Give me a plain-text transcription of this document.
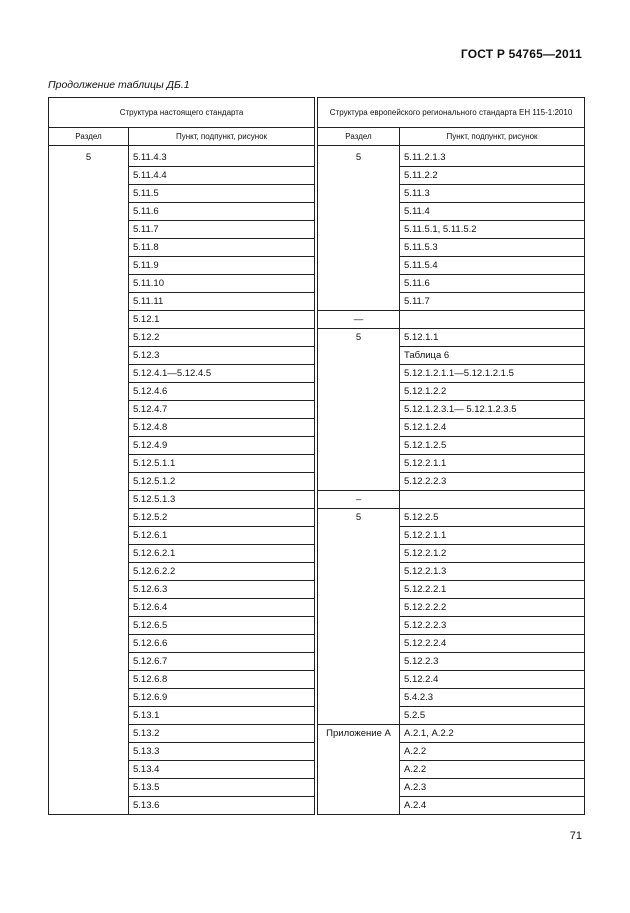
ГОСТ Р 54765—2011
Продолжение таблицы ДБ.1
Структура настоящего стандарта			Структура европейского регионального стандарта ЕН 115-1:2010	
Раздел	Пункт, подпункт, рисунок		Раздел	Пункт, подпункт, рисунок

5	5.11.4.3		5	5.11.2.1.3
	5.11.4.4			5.11.2.2
	5.11.5			5.11.3
	5.11.6			5.11.4
	5.11.7			5.11.5.1, 5.11.5.2
	5.11.8			5.11.5.3
	5.11.9			5.11.5.4
	5.11.10			5.11.6
	5.11.11			5.11.7
	5.12.1		—	
	5.12.2		5	5.12.1.1
	5.12.3			Таблица 6
	5.12.4.1—5.12.4.5			5.12.1.2.1.1—5.12.1.2.1.5
	5.12.4.6			5.12.1.2.2
	5.12.4.7			5.12.1.2.3.1— 5.12.1.2.3.5
	5.12.4.8			5.12.1.2.4
	5.12.4.9			5.12.1.2.5
	5.12.5.1.1			5.12.2.1.1
	5.12.5.1.2			5.12.2.2.3
	5.12.5.1.3		–	
	5.12.5.2		5	5.12.2.5
	5.12.6.1			5.12.2.1.1
	5.12.6.2.1			5.12.2.1.2
	5.12.6.2.2			5.12.2.1.3
	5.12.6.3			5.12.2.2.1
	5.12.6.4			5.12.2.2.2
	5.12.6.5			5.12.2.2.3
	5.12.6.6			5.12.2.2.4
	5.12.6.7			5.12.2.3
	5.12.6.8			5.12.2.4
	5.12.6.9			5.4.2.3
	5.13.1			5.2.5
	5.13.2		Приложение А	А.2.1, А.2.2
	5.13.3			А.2.2
	5.13.4			А.2.2
	5.13.5			А.2.3
	5.13.6			А.2.4
71
